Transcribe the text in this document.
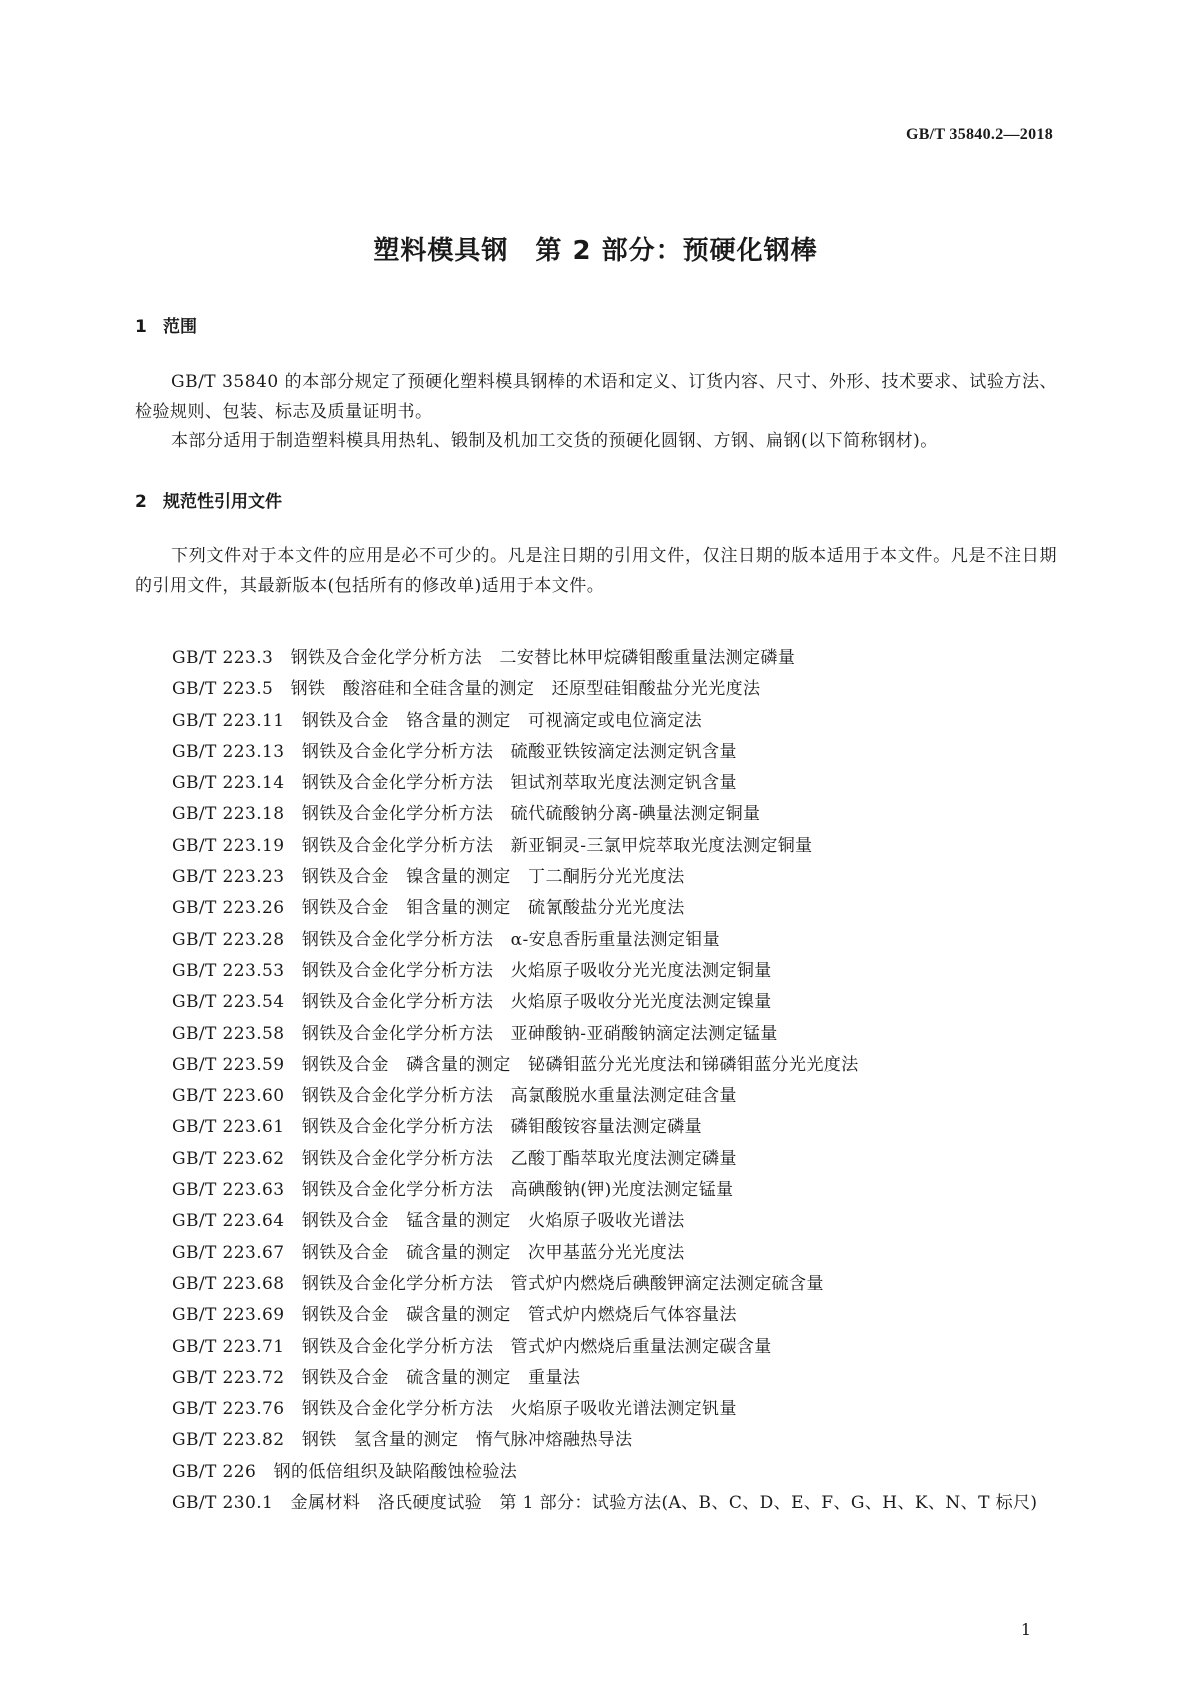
GB/T 35840.2—2018
塑料模具钢　第 2 部分：预硬化钢棒
1 范围
GB/T 35840 的本部分规定了预硬化塑料模具钢棒的术语和定义、订货内容、尺寸、外形、技术要求、试验方法、检验规则、包装、标志及质量证明书。
本部分适用于制造塑料模具用热轧、锻制及机加工交货的预硬化圆钢、方钢、扁钢(以下简称钢材)。
2 规范性引用文件
下列文件对于本文件的应用是必不可少的。凡是注日期的引用文件，仅注日期的版本适用于本文件。凡是不注日期的引用文件，其最新版本(包括所有的修改单)适用于本文件。
GB/T 223.3　 钢铁及合金化学分析方法　二安替比林甲烷磷钼酸重量法测定磷量
GB/T 223.5　 钢铁　酸溶硅和全硅含量的测定　还原型硅钼酸盐分光光度法
GB/T 223.11　 钢铁及合金　铬含量的测定　可视滴定或电位滴定法
GB/T 223.13　 钢铁及合金化学分析方法　硫酸亚铁铵滴定法测定钒含量
GB/T 223.14　 钢铁及合金化学分析方法　钽试剂萃取光度法测定钒含量
GB/T 223.18　 钢铁及合金化学分析方法　硫代硫酸钠分离-碘量法测定铜量
GB/T 223.19　 钢铁及合金化学分析方法　新亚铜灵-三氯甲烷萃取光度法测定铜量
GB/T 223.23　 钢铁及合金　镍含量的测定　丁二酮肟分光光度法
GB/T 223.26　 钢铁及合金　钼含量的测定　硫氰酸盐分光光度法
GB/T 223.28　 钢铁及合金化学分析方法　α-安息香肟重量法测定钼量
GB/T 223.53　 钢铁及合金化学分析方法　火焰原子吸收分光光度法测定铜量
GB/T 223.54　 钢铁及合金化学分析方法　火焰原子吸收分光光度法测定镍量
GB/T 223.58　 钢铁及合金化学分析方法　亚砷酸钠-亚硝酸钠滴定法测定锰量
GB/T 223.59　 钢铁及合金　磷含量的测定　铋磷钼蓝分光光度法和锑磷钼蓝分光光度法
GB/T 223.60　 钢铁及合金化学分析方法　高氯酸脱水重量法测定硅含量
GB/T 223.61　 钢铁及合金化学分析方法　磷钼酸铵容量法测定磷量
GB/T 223.62　 钢铁及合金化学分析方法　乙酸丁酯萃取光度法测定磷量
GB/T 223.63　 钢铁及合金化学分析方法　高碘酸钠(钾)光度法测定锰量
GB/T 223.64　 钢铁及合金　锰含量的测定　火焰原子吸收光谱法
GB/T 223.67　 钢铁及合金　硫含量的测定　次甲基蓝分光光度法
GB/T 223.68　 钢铁及合金化学分析方法　管式炉内燃烧后碘酸钾滴定法测定硫含量
GB/T 223.69　 钢铁及合金　碳含量的测定　管式炉内燃烧后气体容量法
GB/T 223.71　 钢铁及合金化学分析方法　管式炉内燃烧后重量法测定碳含量
GB/T 223.72　 钢铁及合金　硫含量的测定　重量法
GB/T 223.76　 钢铁及合金化学分析方法　火焰原子吸收光谱法测定钒量
GB/T 223.82　 钢铁　氢含量的测定　惰气脉冲熔融热导法
GB/T 226　 钢的低倍组织及缺陷酸蚀检验法
GB/T 230.1　 金属材料　洛氏硬度试验　第 1 部分：试验方法(A、B、C、D、E、F、G、H、K、N、T 标尺)
1
